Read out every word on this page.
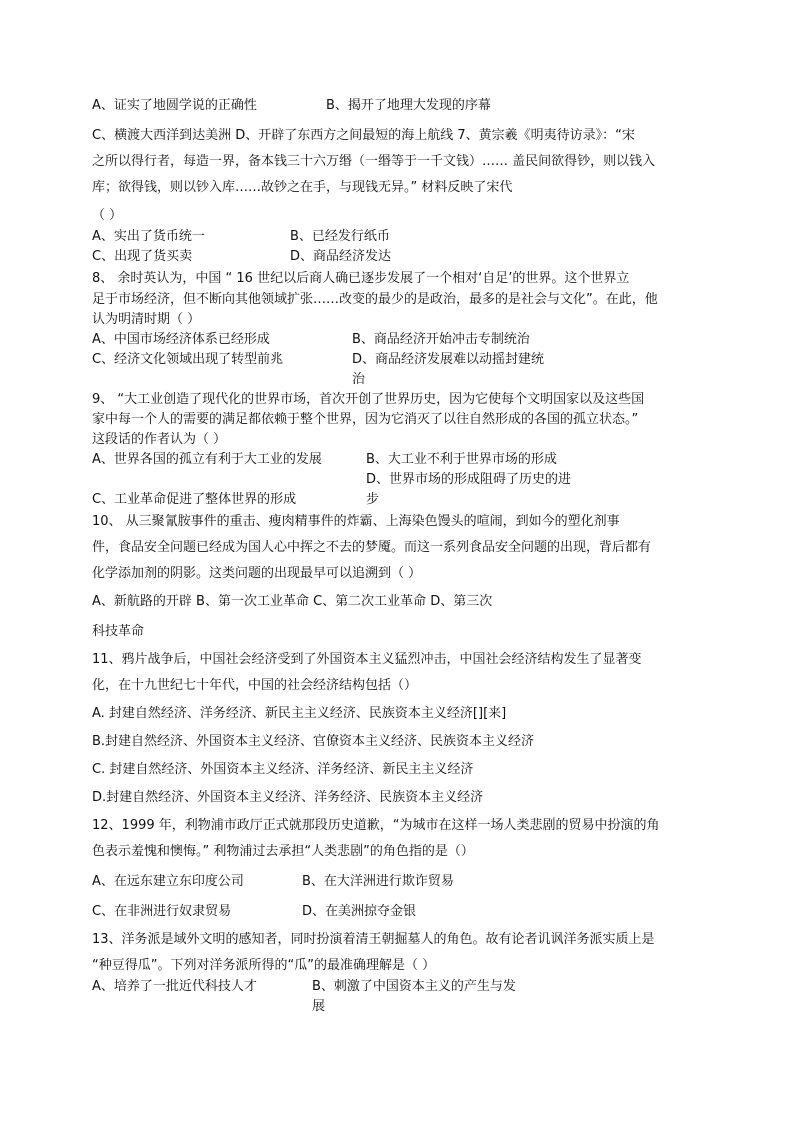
A、证实了地圆学说的正确性	B、揭开了地理大发现的序幕
C、横渡大西洋到达美洲 D、开辟了东西方之间最短的海上航线 7、黄宗羲《明夷待访录》：“宋
之所以得行者，每造一界，备本钱三十六万缗（一缗等于一千文钱）…… 盖民间欲得钞，则以钱入
库；欲得钱，则以钞入库……故钞之在手，与现钱无异。” 材料反映了宋代
（ ）
A、实出了货币统一	B、已经发行纸币
C、出现了货买卖	D、商品经济发达
8、 余时英认为，中国 “ 16 世纪以后商人确已逐步发展了一个相对‘自足’的世界。这个世界立
足于市场经济，但不断向其他领域扩张……改变的最少的是政治，最多的是社会与文化”。在此，他
认为明清时期（ ）
A、中国市场经济体系已经形成	B、商品经济开始冲击专制统治
C、经济文化领域出现了转型前兆	D、商品经济发展难以动摇封建统
治
9、 “大工业创造了现代化的世界市场，首次开创了世界历史，因为它使每个文明国家以及这些国
家中每一个人的需要的满足都依赖于整个世界，因为它消灭了以往自然形成的各国的孤立状态。”
这段话的作者认为（ ）
A、世界各国的孤立有利于大工业的发展	B、大工业不利于世界市场的形成
D、世界市场的形成阻碍了历史的进
C、工业革命促进了整体世界的形成	步
10、 从三聚氰胺事件的重击、瘦肉精事件的炸霸、上海染色馒头的喧闹，到如今的塑化剂事
件，食品安全问题已经成为国人心中挥之不去的梦魇。而这一系列食品安全问题的出现，背后都有
化学添加剂的阴影。这类问题的出现最早可以追溯到（ ）
A、新航路的开辟 B、第一次工业革命 C、第二次工业革命 D、第三次
科技革命
11、鸦片战争后，中国社会经济受到了外国资本主义猛烈冲击，中国社会经济结构发生了显著变
化，在十九世纪七十年代，中国的社会经济结构包括（）
A. 封建自然经济、洋务经济、新民主主义经济、民族资本主义经济[][来]
B.封建自然经济、外国资本主义经济、官僚资本主义经济、民族资本主义经济
C. 封建自然经济、外国资本主义经济、洋务经济、新民主主义经济
D.封建自然经济、外国资本主义经济、洋务经济、民族资本主义经济
12、1999 年，利物浦市政厅正式就那段历史道歉，“为城市在这样一场人类悲剧的贸易中扮演的角
色表示羞愧和懊悔。” 利物浦过去承担“人类悲剧”的角色指的是（）
A、在远东建立东印度公司	B、在大洋洲进行欺诈贸易
C、在非洲进行奴隶贸易	D、在美洲掠夺金银
13、洋务派是域外文明的感知者，同时扮演着清王朝掘墓人的角色。故有论者讥讽洋务派实质上是
“种豆得瓜”。下列对洋务派所得的“瓜”的最准确理解是（ ）
A、培养了一批近代科技人才	B、刺激了中国资本主义的产生与发
展
